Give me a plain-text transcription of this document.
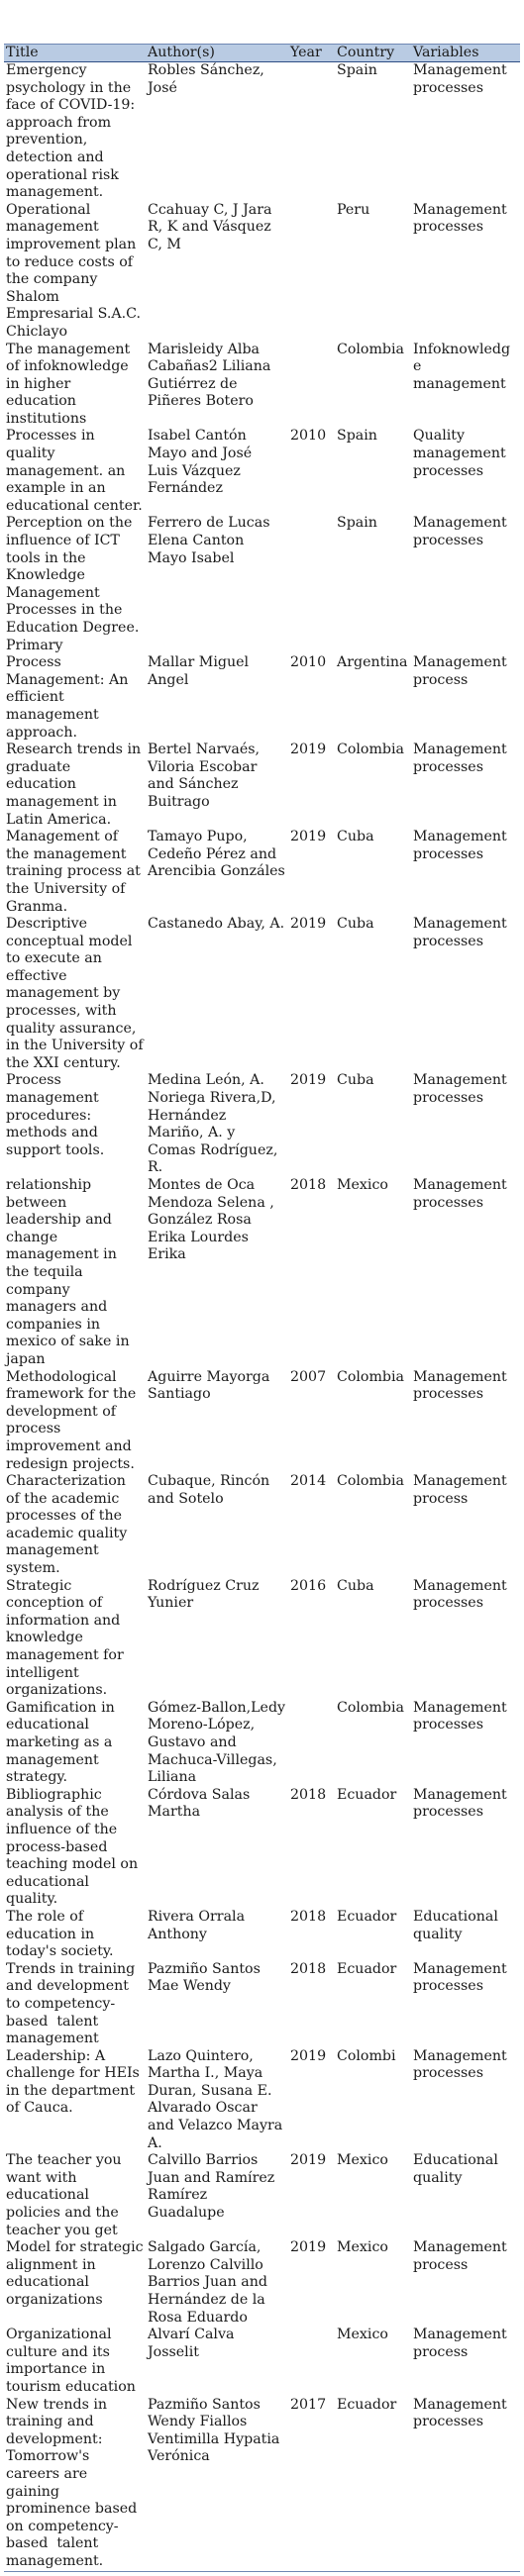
Title	Author(s)	Year	Country	Variables
Emergency psychology in the face of COVID-19: approach from prevention, detection and operational risk management.	Robles Sánchez, José		Spain	Management processes
Operational management improvement plan to reduce costs of the company Shalom Empresarial S.A.C. Chiclayo	Ccahuay C, J Jara R, K and Vásquez C, M		Peru	Management processes
The management of infoknowledge in higher education institutions	Marisleidy Alba Cabañas2 Liliana Gutiérrez de Piñeres Botero		Colombia	Infoknowledge management
Processes in quality management. an example in an educational center.	Isabel Cantón Mayo and José Luis Vázquez Fernández	2010	Spain	Quality management processes
Perception on the influence of ICT tools in the Knowledge Management Processes in the Education Degree. Primary	Ferrero de Lucas Elena Canton Mayo Isabel		Spain	Management processes
Process Management: An efficient management approach.	Mallar Miguel Angel	2010	Argentina	Management process
Research trends in graduate education management in Latin America.	Bertel Narvaés, Viloria Escobar and Sánchez Buitrago	2019	Colombia	Management processes
Management of the management training process at the University of Granma.	Tamayo Pupo, Cedeño Pérez and Arencibia Gonzáles	2019	Cuba	Management processes
Descriptive conceptual model to execute an effective management by processes, with quality assurance, in the University of the XXI century.	Castanedo Abay, A.	2019	Cuba	Management processes
Process management procedures: methods and support tools.	Medina León, A. Noriega Rivera,D, Hernández Mariño, A. y Comas Rodríguez, R.	2019	Cuba	Management processes
relationship between leadership and change management in the tequila company managers and companies in mexico of sake in japan	Montes de Oca Mendoza Selena , González Rosa Erika Lourdes Erika	2018	Mexico	Management processes
Methodological framework for the development of process improvement and redesign projects.	Aguirre Mayorga Santiago	2007	Colombia	Management processes
Characterization of the academic processes of the academic quality management system.	Cubaque, Rincón and Sotelo	2014	Colombia	Management process
Strategic conception of information and knowledge management for intelligent organizations.	Rodríguez Cruz Yunier	2016	Cuba	Management processes
Gamification in educational marketing as a management strategy.	Gómez-Ballon,Ledy Moreno-López, Gustavo and Machuca-Villegas, Liliana		Colombia	Management processes
Bibliographic analysis of the influence of the process-based teaching model on educational quality.	Córdova Salas Martha	2018	Ecuador	Management processes
The role of education in today's society.	Rivera Orrala Anthony	2018	Ecuador	Educational quality
Trends in training and development to competency-based  talent management	Pazmiño Santos Mae Wendy	2018	Ecuador	Management processes
Leadership: A challenge for HEIs in the department of Cauca.	Lazo Quintero, Martha I., Maya Duran, Susana E. Alvarado Oscar and Velazco Mayra A.	2019	Colombi	Management processes
The teacher you want with educational policies and the teacher you get	Calvillo Barrios Juan and Ramírez Ramírez Guadalupe	2019	Mexico	Educational quality
Model for strategic alignment in educational organizations	Salgado García, Lorenzo Calvillo Barrios Juan and Hernández de la Rosa Eduardo	2019	Mexico	Management process
Organizational culture and its importance in tourism education	Alvarí Calva Josselit		Mexico	Management process
New trends in training and development: Tomorrow's careers are gaining prominence based on competency-based  talent management.	Pazmiño Santos Wendy Fiallos Ventimilla Hypatia Verónica	2017	Ecuador	Management processes
